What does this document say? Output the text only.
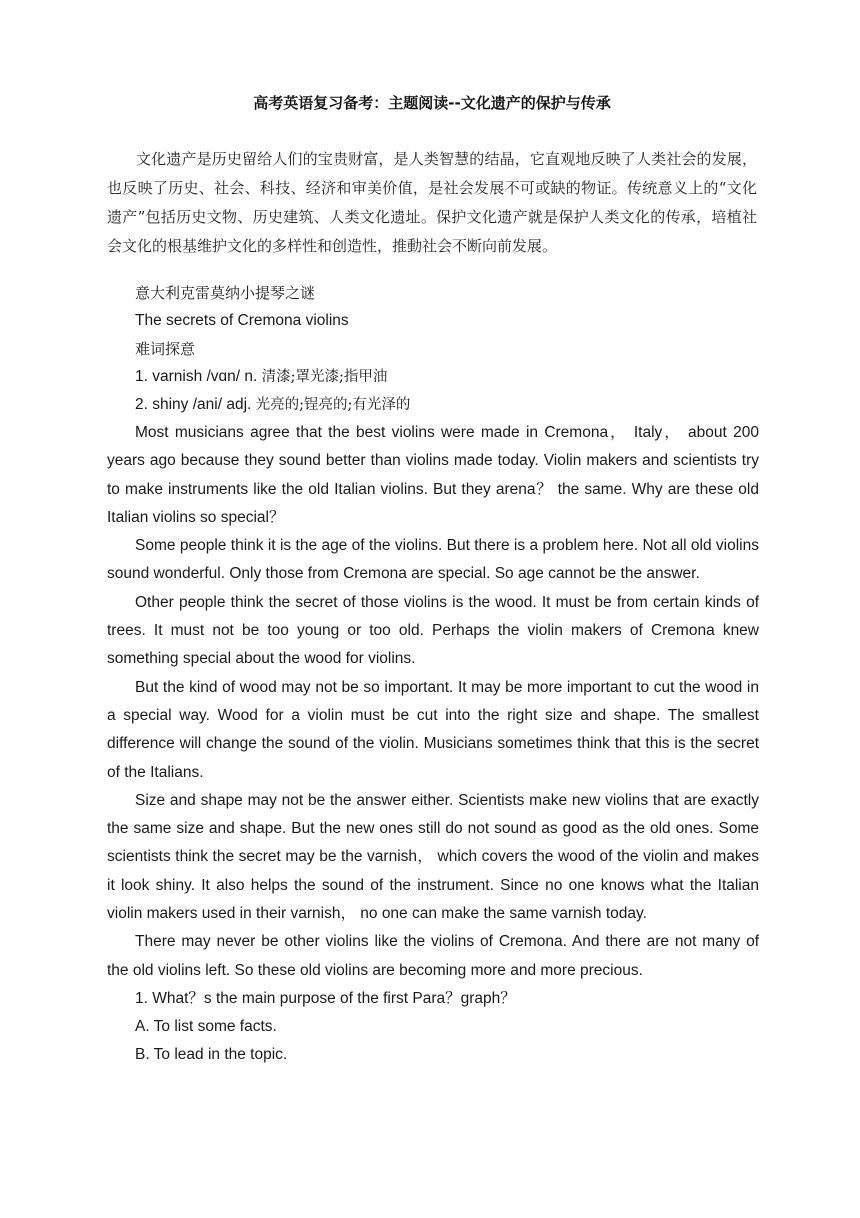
高考英语复习备考：主题阅读--文化遗产的保护与传承
文化遗产是历史留给人们的宝贵财富，是人类智慧的结晶，它直观地反映了人类社会的发展，也反映了历史、社会、科技、经济和审美价值，是社会发展不可或缺的物证。传统意义上的“文化遗产”包括历史文物、历史建筑、人类文化遗址。保护文化遗产就是保护人类文化的传承，培植社会文化的根基维护文化的多样性和创造性，推動社会不断向前发展。
意大利克雷莫纳小提琴之谜
The secrets of Cremona violins
难词探意
1. varnish /vɑn/ n. 清漆;罩光漆;指甲油
2. shiny /ani/ adj. 光亮的;锃亮的;有光泽的
Most musicians agree that the best violins were made in Cremona， Italy， about 200 years ago because they sound better than violins made today. Violin makers and scientists try to make instruments like the old Italian violins. But they arena？ the same. Why are these old Italian violins so special？
Some people think it is the age of the violins. But there is a problem here. Not all old violins sound wonderful. Only those from Cremona are special. So age cannot be the answer.
Other people think the secret of those violins is the wood. It must be from certain kinds of trees. It must not be too young or too old. Perhaps the violin makers of Cremona knew something special about the wood for violins.
But the kind of wood may not be so important. It may be more important to cut the wood in a special way. Wood for a violin must be cut into the right size and shape. The smallest difference will change the sound of the violin. Musicians sometimes think that this is the secret of the Italians.
Size and shape may not be the answer either. Scientists make new violins that are exactly the same size and shape. But the new ones still do not sound as good as the old ones. Some scientists think the secret may be the varnish， which covers the wood of the violin and makes it look shiny. It also helps the sound of the instrument. Since no one knows what the Italian violin makers used in their varnish， no one can make the same varnish today.
There may never be other violins like the violins of Cremona. And there are not many of the old violins left. So these old violins are becoming more and more precious.
1. What？s the main purpose of the first Para？graph？
A. To list some facts.
B. To lead in the topic.
